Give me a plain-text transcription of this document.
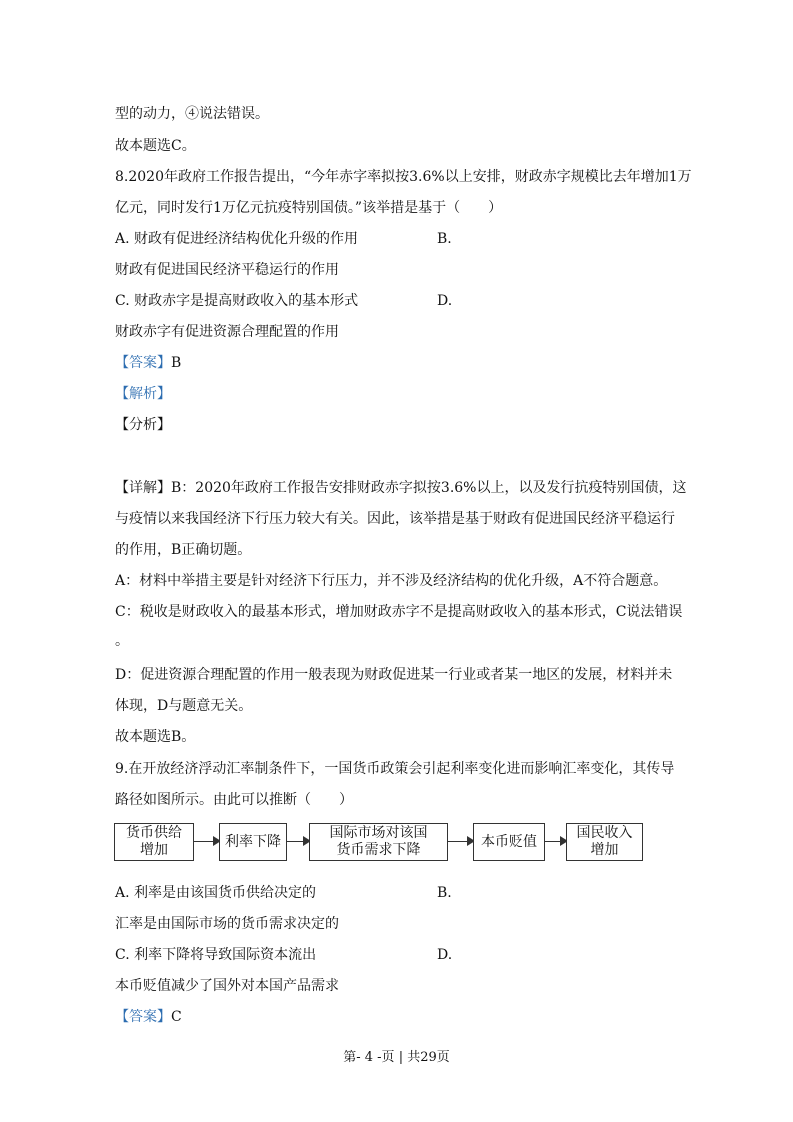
型的动力，④说法错误。
故本题选C。
8.2020年政府工作报告提出，“今年赤字率拟按3.6%以上安排，财政赤字规模比去年增加1万
亿元，同时发行1万亿元抗疫特别国债。”该举措是基于（　　）
A. 财政有促进经济结构优化升级的作用	B.
财政有促进国民经济平稳运行的作用
C. 财政赤字是提高财政收入的基本形式	D.
财政赤字有促进资源合理配置的作用
【答案】B
【解析】
【分析】
【详解】B：2020年政府工作报告安排财政赤字拟按3.6%以上，以及发行抗疫特别国债，这
与疫情以来我国经济下行压力较大有关。因此，该举措是基于财政有促进国民经济平稳运行
的作用，B正确切题。
A：材料中举措主要是针对经济下行压力，并不涉及经济结构的优化升级，A不符合题意。
C：税收是财政收入的最基本形式，增加财政赤字不是提高财政收入的基本形式，C说法错误
。
D：促进资源合理配置的作用一般表现为财政促进某一行业或者某一地区的发展，材料并未
体现，D与题意无关。
故本题选B。
9.在开放经济浮动汇率制条件下，一国货币政策会引起利率变化进而影响汇率变化，其传导
路径如图所示。由此可以推断（　　）
货币供给
增加
利率下降
国际市场对该国
货币需求下降
本币贬值
国民收入
增加
A. 利率是由该国货币供给决定的	B.
汇率是由国际市场的货币需求决定的
C. 利率下降将导致国际资本流出	D.
本币贬值减少了国外对本国产品需求
【答案】C
第- 4 -页 | 共29页
